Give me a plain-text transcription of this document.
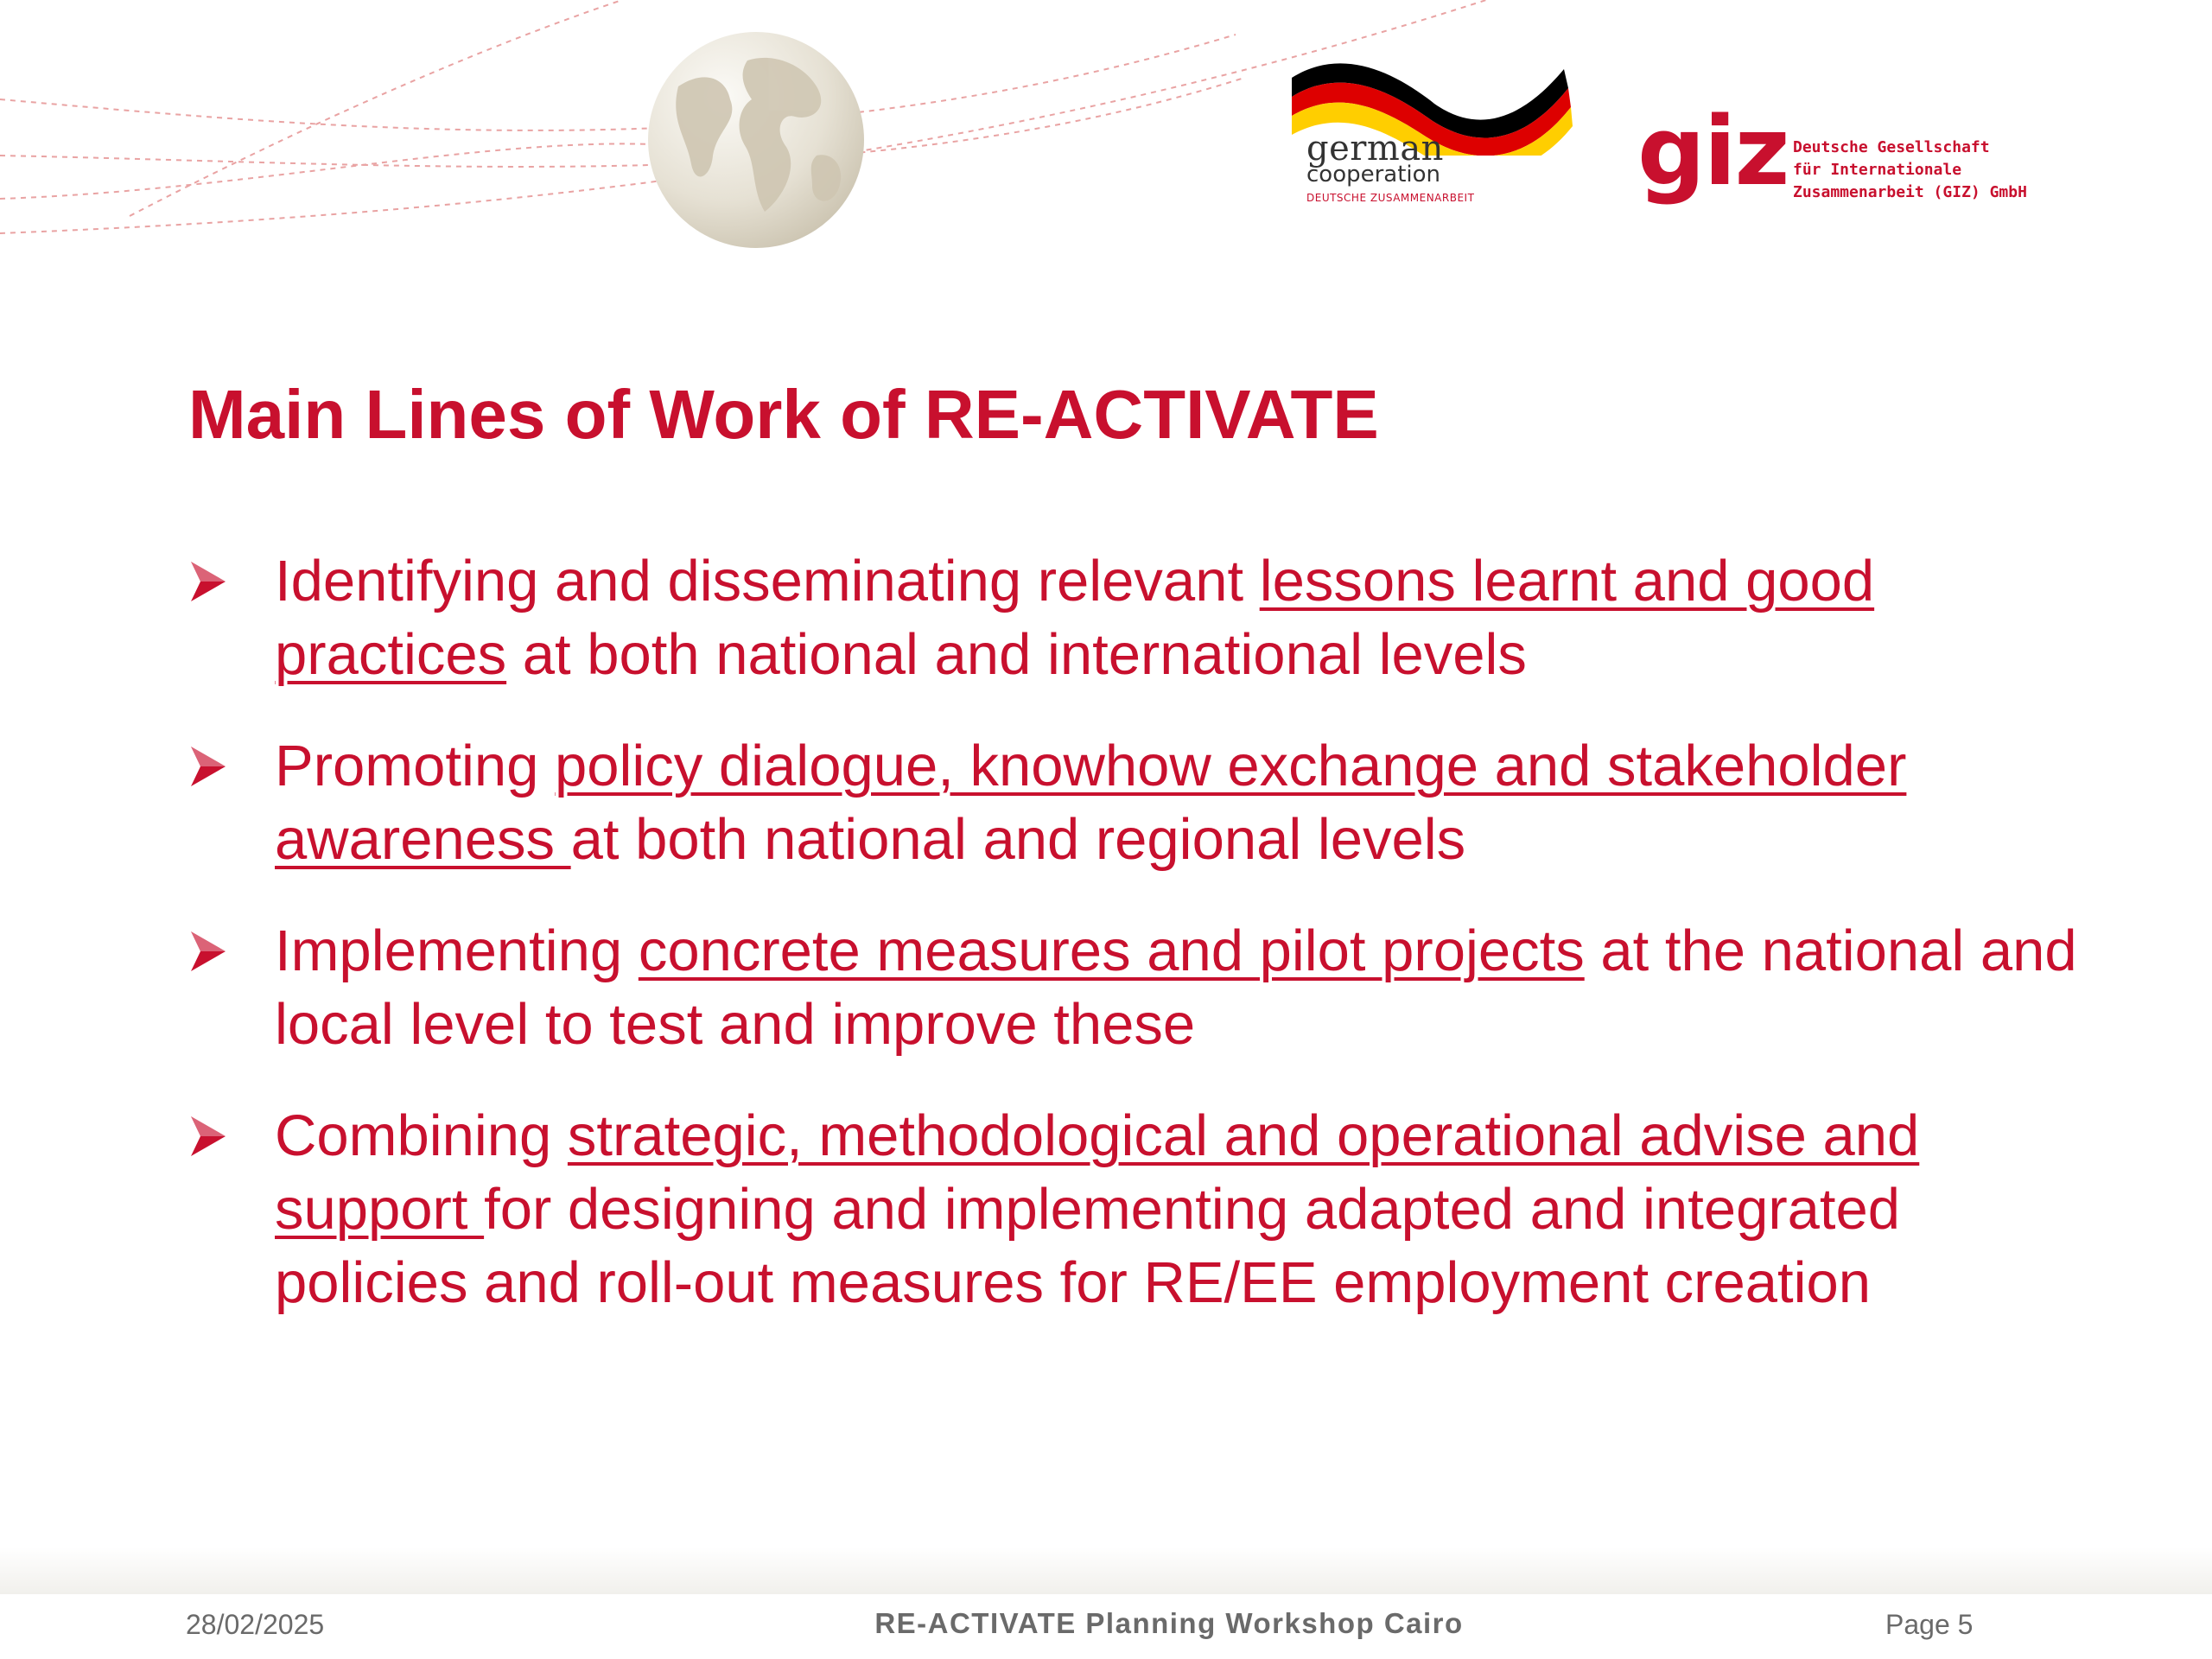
german
cooperation
DEUTSCHE ZUSAMMENARBEIT giz Deutsche Gesellschaft
für Internationale
Zusammenarbeit (GIZ) GmbH
Main Lines of Work of RE-ACTIVATE
Identifying and disseminating relevant lessons learnt and good practices at both national and international levels
Promoting policy dialogue, knowhow exchange and stakeholder awareness at both national and regional levels
Implementing concrete measures and pilot projects at the national and local level to test and improve these
Combining strategic, methodological and operational advise and support for designing and implementing adapted and integrated policies and roll-out measures for RE/EE employment creation
28/02/2025	RE-ACTIVATE Planning Workshop Cairo	Page 5
